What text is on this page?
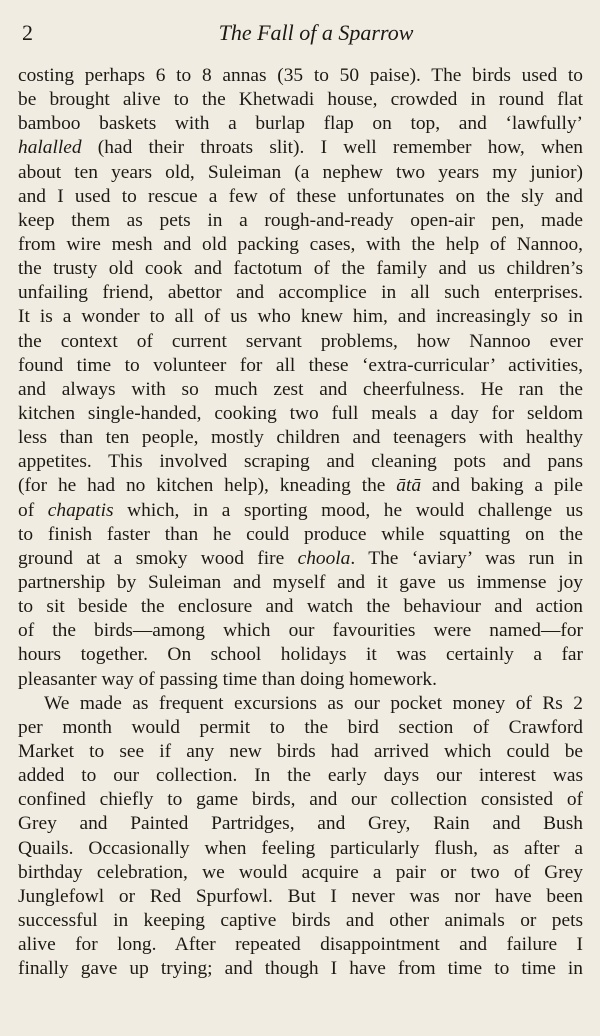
2	The Fall of a Sparrow
costing perhaps 6 to 8 annas (35 to 50 paise). The birds used to
be brought alive to the Khetwadi house, crowded in round flat
bamboo baskets with a burlap flap on top, and ‘lawfully’
halalled (had their throats slit). I well remember how, when
about ten years old, Suleiman (a nephew two years my junior)
and I used to rescue a few of these unfortunates on the sly and
keep them as pets in a rough-and-ready open-air pen, made
from wire mesh and old packing cases, with the help of Nannoo,
the trusty old cook and factotum of the family and us children’s
unfailing friend, abettor and accomplice in all such enterprises.
It is a wonder to all of us who knew him, and increasingly so in
the context of current servant problems, how Nannoo ever
found time to volunteer for all these ‘extra-curricular’ activities,
and always with so much zest and cheerfulness. He ran the
kitchen single-handed, cooking two full meals a day for seldom
less than ten people, mostly children and teenagers with healthy
appetites. This involved scraping and cleaning pots and pans
(for he had no kitchen help), kneading the ātā and baking a pile
of chapatis which, in a sporting mood, he would challenge us
to finish faster than he could produce while squatting on the
ground at a smoky wood fire choola. The ‘aviary’ was run in
partnership by Suleiman and myself and it gave us immense joy
to sit beside the enclosure and watch the behaviour and action
of the birds—among which our favourities were named—for
hours together. On school holidays it was certainly a far
pleasanter way of passing time than doing homework.
We made as frequent excursions as our pocket money of Rs 2
per month would permit to the bird section of Crawford
Market to see if any new birds had arrived which could be
added to our collection. In the early days our interest was
confined chiefly to game birds, and our collection consisted of
Grey and Painted Partridges, and Grey, Rain and Bush
Quails. Occasionally when feeling particularly flush, as after a
birthday celebration, we would acquire a pair or two of Grey
Junglefowl or Red Spurfowl. But I never was nor have been
successful in keeping captive birds and other animals or pets
alive for long. After repeated disappointment and failure I
finally gave up trying; and though I have from time to time in
